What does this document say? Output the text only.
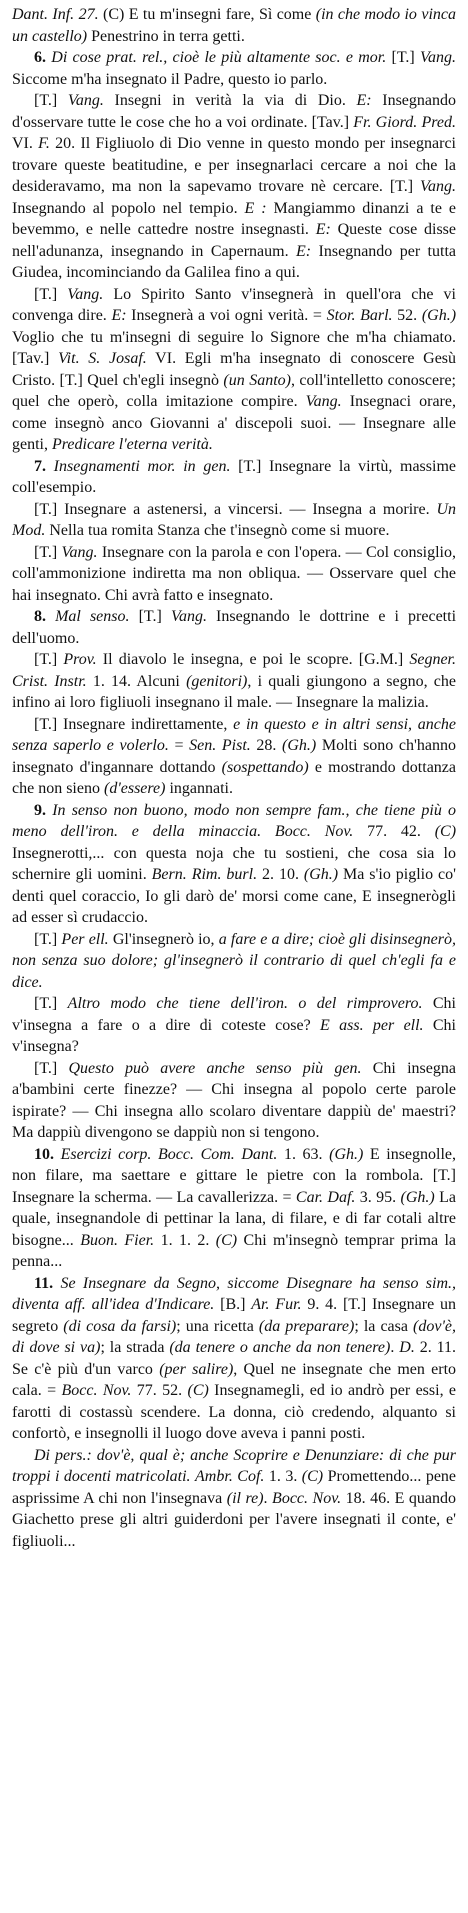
Dant. Inf. 27. (C) E tu m'insegni fare, Sì come (in che modo io vinca un castello) Penestrino in terra getti.

6. Di cose prat. rel., cioè le più altamente soc. e mor. [T.] Vang. Siccome m'ha insegnato il Padre, questo io parlo.

[T.] Vang. Insegni in verità la via di Dio. E: Insegnando d'osservare tutte le cose che ho a voi ordinate. [Tav.] Fr. Giord. Pred. VI. F. 20. Il Figliuolo di Dio venne in questo mondo per insegnarci trovare queste beatitudine, e per insegnarlaci cercare a noi che la desideravamo, ma non la sapevamo trovare nè cercare. [T.] Vang. Insegnando al popolo nel tempio. E : Mangiammo dinanzi a te e bevemmo, e nelle cattedre nostre insegnasti. E: Queste cose disse nell'adunanza, insegnando in Capernaum. E: Insegnando per tutta Giudea, incominciando da Galilea fino a qui.

[T.] Vang. Lo Spirito Santo v'insegnerà in quell'ora che vi convenga dire. E: Insegnerà a voi ogni verità. = Stor. Barl. 52. (Gh.) Voglio che tu m'insegni di seguire lo Signore che m'ha chiamato. [Tav.] Vit. S. Josaf. VI. Egli m'ha insegnato di conoscere Gesù Cristo. [T.] Quel ch'egli insegnò (un Santo), coll'intelletto conoscere; quel che operò, colla imitazione compire. Vang. Insegnaci orare, come insegnò anco Giovanni a' discepoli suoi. — Insegnare alle genti, Predicare l'eterna verità.

7. Insegnamenti mor. in gen. [T.] Insegnare la virtù, massime coll'esempio.

[T.] Insegnare a astenersi, a vincersi. — Insegna a morire. Un Mod. Nella tua romita Stanza che t'insegnò come si muore.

[T.] Vang. Insegnare con la parola e con l'opera. — Col consiglio, coll'ammonizione indiretta ma non obliqua. — Osservare quel che hai insegnato. Chi avrà fatto e insegnato.

8. Mal senso. [T.] Vang. Insegnando le dottrine e i precetti dell'uomo.

[T.] Prov. Il diavolo le insegna, e poi le scopre. [G.M.] Segner. Crist. Instr. 1. 14. Alcuni (genitori), i quali giungono a segno, che infino ai loro figliuoli insegnano il male. — Insegnare la malizia.

[T.] Insegnare indirettamente, e in questo e in altri sensi, anche senza saperlo e volerlo. = Sen. Pist. 28. (Gh.) Molti sono ch'hanno insegnato d'ingannare dottando (sospettando) e mostrando dottanza che non sieno (d'essere) ingannati.

9. In senso non buono, modo non sempre fam., che tiene più o meno dell'iron. e della minaccia. Bocc. Nov. 77. 42. (C) Insegnerotti,... con questa noja che tu sostieni, che cosa sia lo schernire gli uomini. Bern. Rim. burl. 2. 10. (Gh.) Ma s'io piglio co' denti quel coraccio, Io gli darò de' morsi come cane, E insegnerògli ad esser sì crudaccio.

[T.] Per ell. Gl'insegnerò io, a fare e a dire; cioè gli disinsegnerò, non senza suo dolore; gl'insegnerò il contrario di quel ch'egli fa e dice.

[T.] Altro modo che tiene dell'iron. o del rimprovero. Chi v'insegna a fare o a dire di coteste cose? E ass. per ell. Chi v'insegna?

[T.] Questo può avere anche senso più gen. Chi insegna a'bambini certe finezze? — Chi insegna al popolo certe parole ispirate? — Chi insegna allo scolaro diventare dappiù de' maestri? Ma dappiù divengono se dappiù non si tengono.

10. Esercizi corp. Bocc. Com. Dant. 1. 63. (Gh.) E insegnolle, non filare, ma saettare e gittare le pietre con la rombola. [T.] Insegnare la scherma. — La cavallerizza. = Car. Daf. 3. 95. (Gh.) La quale, insegnandole di pettinar la lana, di filare, e di far cotali altre bisogne... Buon. Fier. 1. 1. 2. (C) Chi m'insegnò temprar prima la penna...

11. Se Insegnare da Segno, siccome Disegnare ha senso sim., diventa aff. all'idea d'Indicare. [B.] Ar. Fur. 9. 4. [T.] Insegnare un segreto (di cosa da farsi); una ricetta (da preparare); la casa (dov'è, di dove si va); la strada (da tenere o anche da non tenere). D. 2. 11. Se c'è più d'un varco (per salire), Quel ne insegnate che men erto cala. = Bocc. Nov. 77. 52. (C) Insegnamegli, ed io andrò per essi, e farotti di costassù scendere. La donna, ciò credendo, alquanto si confortò, e insegnolli il luogo dove aveva i panni posti.

Di pers.: dov'è, qual è; anche Scoprire e Denunziare: di che pur troppi i docenti matricolati. Ambr. Cof. 1. 3. (C) Promettendo... pene asprissime A chi non l'insegnava (il re). Bocc. Nov. 18. 46. E quando Giachetto prese gli altri guiderdoni per l'avere insegnati il conte, e' figliuoli...
